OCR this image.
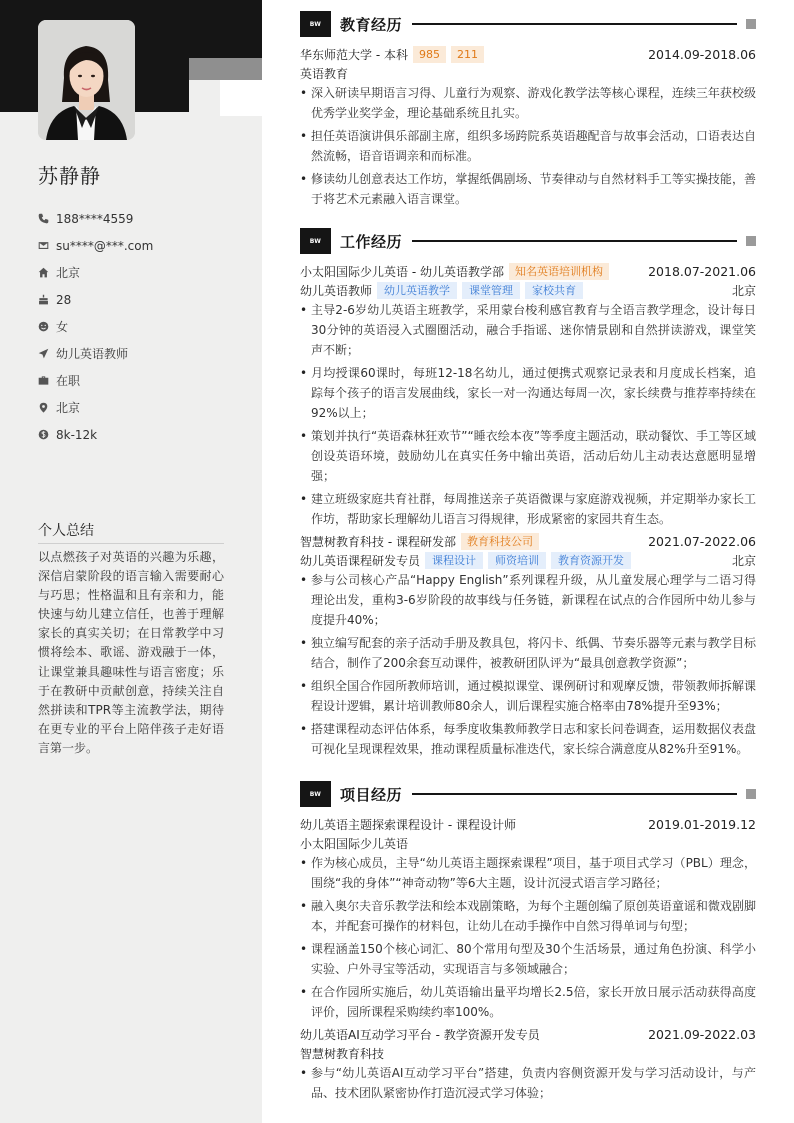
苏静静
188****4559
su****@***.com
北京
28
女
幼儿英语教师
在职
北京
8k-12k
个人总结
以点燃孩子对英语的兴趣为乐趣，深信启蒙阶段的语言输入需要耐心与巧思；性格温和且有亲和力，能快速与幼儿建立信任，也善于理解家长的真实关切；在日常教学中习惯将绘本、歌谣、游戏融于一体，让课堂兼具趣味性与语言密度；乐于在教研中贡献创意，持续关注自然拼读和TPR等主流教学法，期待在更专业的平台上陪伴孩子走好语言第一步。
BW	教育经历
华东师范大学 - 本科	985	211	2014.09-2018.06
英语教育
• 深入研读早期语言习得、儿童行为观察、游戏化教学法等核心课程，连续三年获校级优秀学业奖学金，理论基础系统且扎实。
• 担任英语演讲俱乐部副主席，组织多场跨院系英语趣配音与故事会活动，口语表达自然流畅，语音语调亲和而标准。
• 修读幼儿创意表达工作坊，掌握纸偶剧场、节奏律动与自然材料手工等实操技能，善于将艺术元素融入语言课堂。
BW	工作经历
小太阳国际少儿英语 - 幼儿英语教学部	知名英语培训机构	2018.07-2021.06
幼儿英语教师	幼儿英语教学	课堂管理	家校共育	北京
• 主导2-6岁幼儿英语主班教学，采用蒙台梭利感官教育与全语言教学理念，设计每日30分钟的英语浸入式圈圈活动，融合手指谣、迷你情景剧和自然拼读游戏，课堂笑声不断；
• 月均授课60课时，每班12-18名幼儿，通过便携式观察记录表和月度成长档案，追踪每个孩子的语言发展曲线，家长一对一沟通达每周一次，家长续费与推荐率持续在92%以上；
• 策划并执行“英语森林狂欢节”“睡衣绘本夜”等季度主题活动，联动餐饮、手工等区域创设英语环境，鼓励幼儿在真实任务中输出英语，活动后幼儿主动表达意愿明显增强；
• 建立班级家庭共育社群，每周推送亲子英语微课与家庭游戏视频，并定期举办家长工作坊，帮助家长理解幼儿语言习得规律，形成紧密的家园共育生态。
智慧树教育科技 - 课程研发部	教育科技公司	2021.07-2022.06
幼儿英语课程研发专员	课程设计	师资培训	教育资源开发	北京
• 参与公司核心产品“Happy English”系列课程升级，从儿童发展心理学与二语习得理论出发，重构3-6岁阶段的故事线与任务链，新课程在试点的合作园所中幼儿参与度提升40%；
• 独立编写配套的亲子活动手册及教具包，将闪卡、纸偶、节奏乐器等元素与教学目标结合，制作了200余套互动课件，被教研团队评为“最具创意教学资源”；
• 组织全国合作园所教师培训，通过模拟课堂、课例研讨和观摩反馈，带领教师拆解课程设计逻辑，累计培训教师80余人，训后课程实施合格率由78%提升至93%；
• 搭建课程动态评估体系，每季度收集教师教学日志和家长问卷调查，运用数据仪表盘可视化呈现课程效果，推动课程质量标准迭代，家长综合满意度从82%升至91%。
BW	项目经历
幼儿英语主题探索课程设计 - 课程设计师	2019.01-2019.12
小太阳国际少儿英语
• 作为核心成员，主导“幼儿英语主题探索课程”项目，基于项目式学习（PBL）理念，围绕“我的身体”“神奇动物”等6大主题，设计沉浸式语言学习路径；
• 融入奥尔夫音乐教学法和绘本戏剧策略，为每个主题创编了原创英语童谣和微戏剧脚本，并配套可操作的材料包，让幼儿在动手操作中自然习得单词与句型；
• 课程涵盖150个核心词汇、80个常用句型及30个生活场景，通过角色扮演、科学小实验、户外寻宝等活动，实现语言与多领域融合；
• 在合作园所实施后，幼儿英语输出量平均增长2.5倍，家长开放日展示活动获得高度评价，园所课程采购续约率100%。
幼儿英语AI互动学习平台 - 教学资源开发专员	2021.09-2022.03
智慧树教育科技
• 参与“幼儿英语AI互动学习平台”搭建，负责内容侧资源开发与学习活动设计，与产品、技术团队紧密协作打造沉浸式学习体验；
